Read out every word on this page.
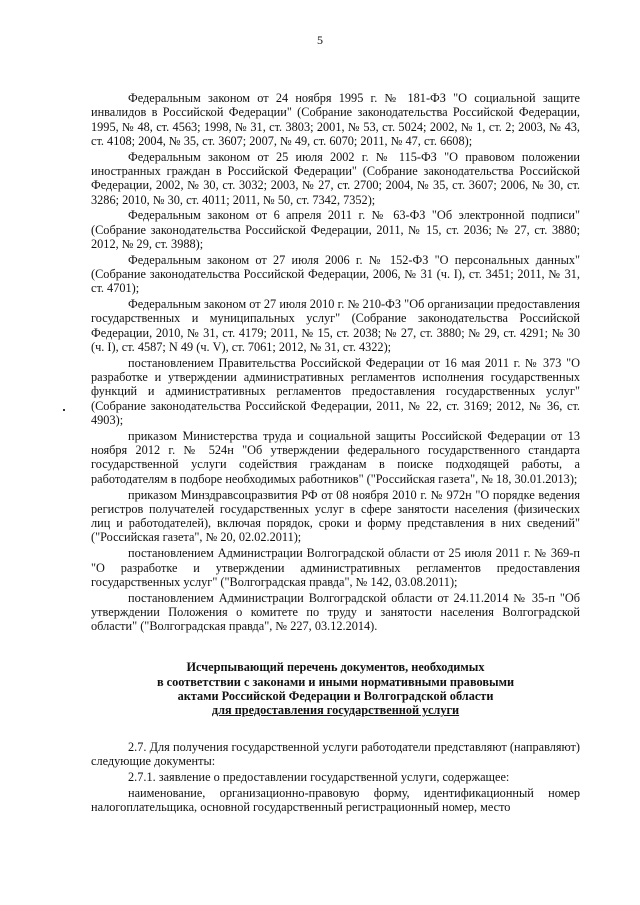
5

Федеральным законом от 24 ноября 1995 г. № 181-ФЗ "О социальной защите инвалидов в Российской Федерации" (Собрание законодательства Российской Федерации, 1995, № 48, ст. 4563; 1998, № 31, ст. 3803; 2001, № 53, ст. 5024; 2002, № 1, ст. 2; 2003, № 43, ст. 4108; 2004, № 35, ст. 3607; 2007, № 49, ст. 6070; 2011, № 47, ст. 6608);

Федеральным законом от 25 июля 2002 г. № 115-ФЗ "О правовом положении иностранных граждан в Российской Федерации" (Собрание законодательства Российской Федерации, 2002, № 30, ст. 3032; 2003, № 27, ст. 2700; 2004, № 35, ст. 3607; 2006, № 30, ст. 3286; 2010, № 30, ст. 4011; 2011, № 50, ст. 7342, 7352);

Федеральным законом от 6 апреля 2011 г. № 63-ФЗ "Об электронной подписи" (Собрание законодательства Российской Федерации, 2011, № 15, ст. 2036; № 27, ст. 3880; 2012, № 29, ст. 3988);

Федеральным законом от 27 июля 2006 г. № 152-ФЗ "О персональных данных" (Собрание законодательства Российской Федерации, 2006, № 31 (ч. I), ст. 3451; 2011, № 31, ст. 4701);

Федеральным законом от 27 июля 2010 г. № 210-ФЗ "Об организации предоставления государственных и муниципальных услуг" (Собрание законодательства Российской Федерации, 2010, № 31, ст. 4179; 2011, № 15, ст. 2038; № 27, ст. 3880; № 29, ст. 4291; № 30 (ч. I), ст. 4587; N 49 (ч. V), ст. 7061; 2012, № 31, ст. 4322);

постановлением Правительства Российской Федерации от 16 мая 2011 г. № 373 "О разработке и утверждении административных регламентов исполнения государственных функций и административных регламентов предоставления государственных услуг" (Собрание законодательства Российской Федерации, 2011, № 22, ст. 3169; 2012, № 36, ст. 4903);

приказом Министерства труда и социальной защиты Российской Федерации от 13 ноября 2012 г. № 524н "Об утверждении федерального государственного стандарта государственной услуги содействия гражданам в поиске подходящей работы, а работодателям в подборе необходимых работников" ("Российская газета", № 18, 30.01.2013);

приказом Минздравсоцразвития РФ от 08 ноября 2010 г. № 972н "О порядке ведения регистров получателей государственных услуг в сфере занятости населения (физических лиц и работодателей), включая порядок, сроки и форму представления в них сведений" ("Российская газета", № 20, 02.02.2011);

постановлением Администрации Волгоградской области от 25 июля 2011 г. № 369-п "О разработке и утверждении административных регламентов предоставления государственных услуг" ("Волгоградская правда", № 142, 03.08.2011);

постановлением Администрации Волгоградской области от 24.11.2014 № 35-п "Об утверждении Положения о комитете по труду и занятости населения Волгоградской области" ("Волгоградская правда", № 227, 03.12.2014).

Исчерпывающий перечень документов, необходимых
в соответствии с законами и иными нормативными правовыми
актами Российской Федерации и Волгоградской области
для предоставления государственной услуги

2.7. Для получения государственной услуги работодатели представляют (направляют) следующие документы:

2.7.1. заявление о предоставлении государственной услуги, содержащее:

наименование, организационно-правовую форму, идентификационный номер налогоплательщика, основной государственный регистрационный номер, место
